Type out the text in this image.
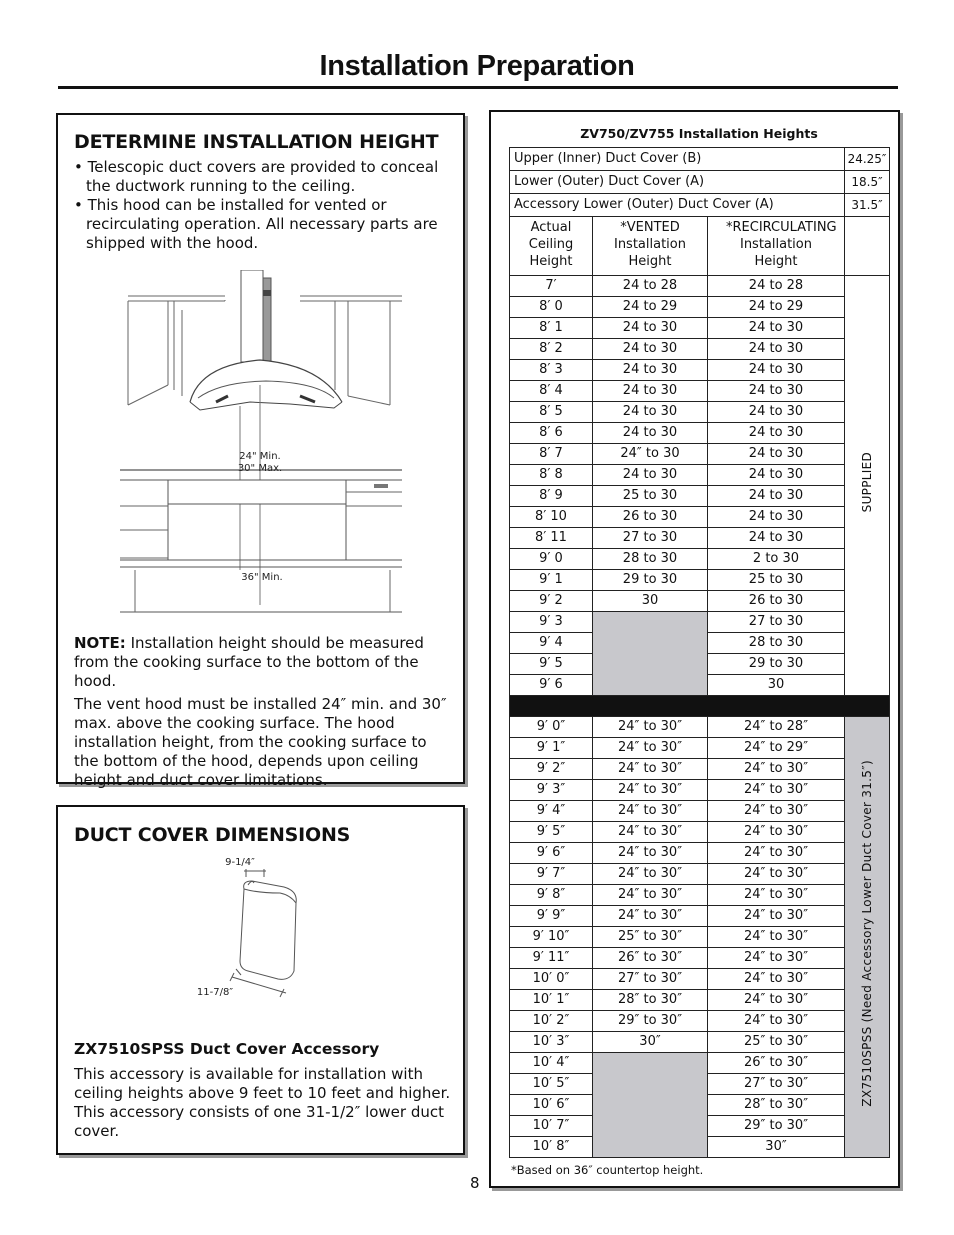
Installation Preparation
DETERMINE INSTALLATION HEIGHT

• Telescopic duct covers are provided to conceal the ductwork running to the ceiling.

• This hood can be installed for vented or recirculating operation. All necessary parts are shipped with the hood.

24" Min.
30" Max.
36" Min.

NOTE: Installation height should be measured from the cooking surface to the bottom of the hood.

The vent hood must be installed 24″ min. and 30″ max. above the cooking surface. The hood installation height, from the cooking surface to the bottom of the hood, depends upon ceiling height and duct cover limitations.

DUCT COVER DIMENSIONS
9-1/4″
11-7/8″

ZX7510SPSS Duct Cover Accessory

This accessory is available for installation with ceiling heights above 9 feet to 10 feet and higher. This accessory consists of one 31-1/2″ lower duct cover.

8
ZV750/ZV755 Installation Heights
Upper (Inner) Duct Cover (B)			24.25″
Lower (Outer) Duct Cover (A)			18.5″
Accessory Lower (Outer) Duct Cover (A)			31.5″
Actual Ceiling Height	*VENTED Installation Height	*RECIRCULATING Installation Height	
7′	24 to 28	24 to 28	SUPPLIED
8′ 0	24 to 29	24 to 29	
8′ 1	24 to 30	24 to 30	
8′ 2	24 to 30	24 to 30	
8′ 3	24 to 30	24 to 30	
8′ 4	24 to 30	24 to 30	
8′ 5	24 to 30	24 to 30	
8′ 6	24 to 30	24 to 30	
8′ 7	24″ to 30	24 to 30	
8′ 8	24 to 30	24 to 30	
8′ 9	25 to 30	24 to 30	
8′ 10	26 to 30	24 to 30	
8′ 11	27 to 30	24 to 30	
9′ 0	28 to 30	2 to 30	
9′ 1	29 to 30	25 to 30	
9′ 2	30	26 to 30	
9′ 3		27 to 30	
9′ 4		28 to 30	
9′ 5		29 to 30	
9′ 6		30	

9′ 0″	24″ to 30″	24″ to 28″	ZX7510SPSS (Need Accessory Lower Duct Cover 31.5″)
9′ 1″	24″ to 30″	24″ to 29″	
9′ 2″	24″ to 30″	24″ to 30″	
9′ 3″	24″ to 30″	24″ to 30″	
9′ 4″	24″ to 30″	24″ to 30″	
9′ 5″	24″ to 30″	24″ to 30″	
9′ 6″	24″ to 30″	24″ to 30″	
9′ 7″	24″ to 30″	24″ to 30″	
9′ 8″	24″ to 30″	24″ to 30″	
9′ 9″	24″ to 30″	24″ to 30″	
9′ 10″	25″ to 30″	24″ to 30″	
9′ 11″	26″ to 30″	24″ to 30″	
10′ 0″	27″ to 30″	24″ to 30″	
10′ 1″	28″ to 30″	24″ to 30″	
10′ 2″	29″ to 30″	24″ to 30″	
10′ 3″	30″	25″ to 30″	
10′ 4″		26″ to 30″	
10′ 5″		27″ to 30″	
10′ 6″		28″ to 30″	
10′ 7″		29″ to 30″	
10′ 8″		30″	
*Based on 36″ countertop height.
